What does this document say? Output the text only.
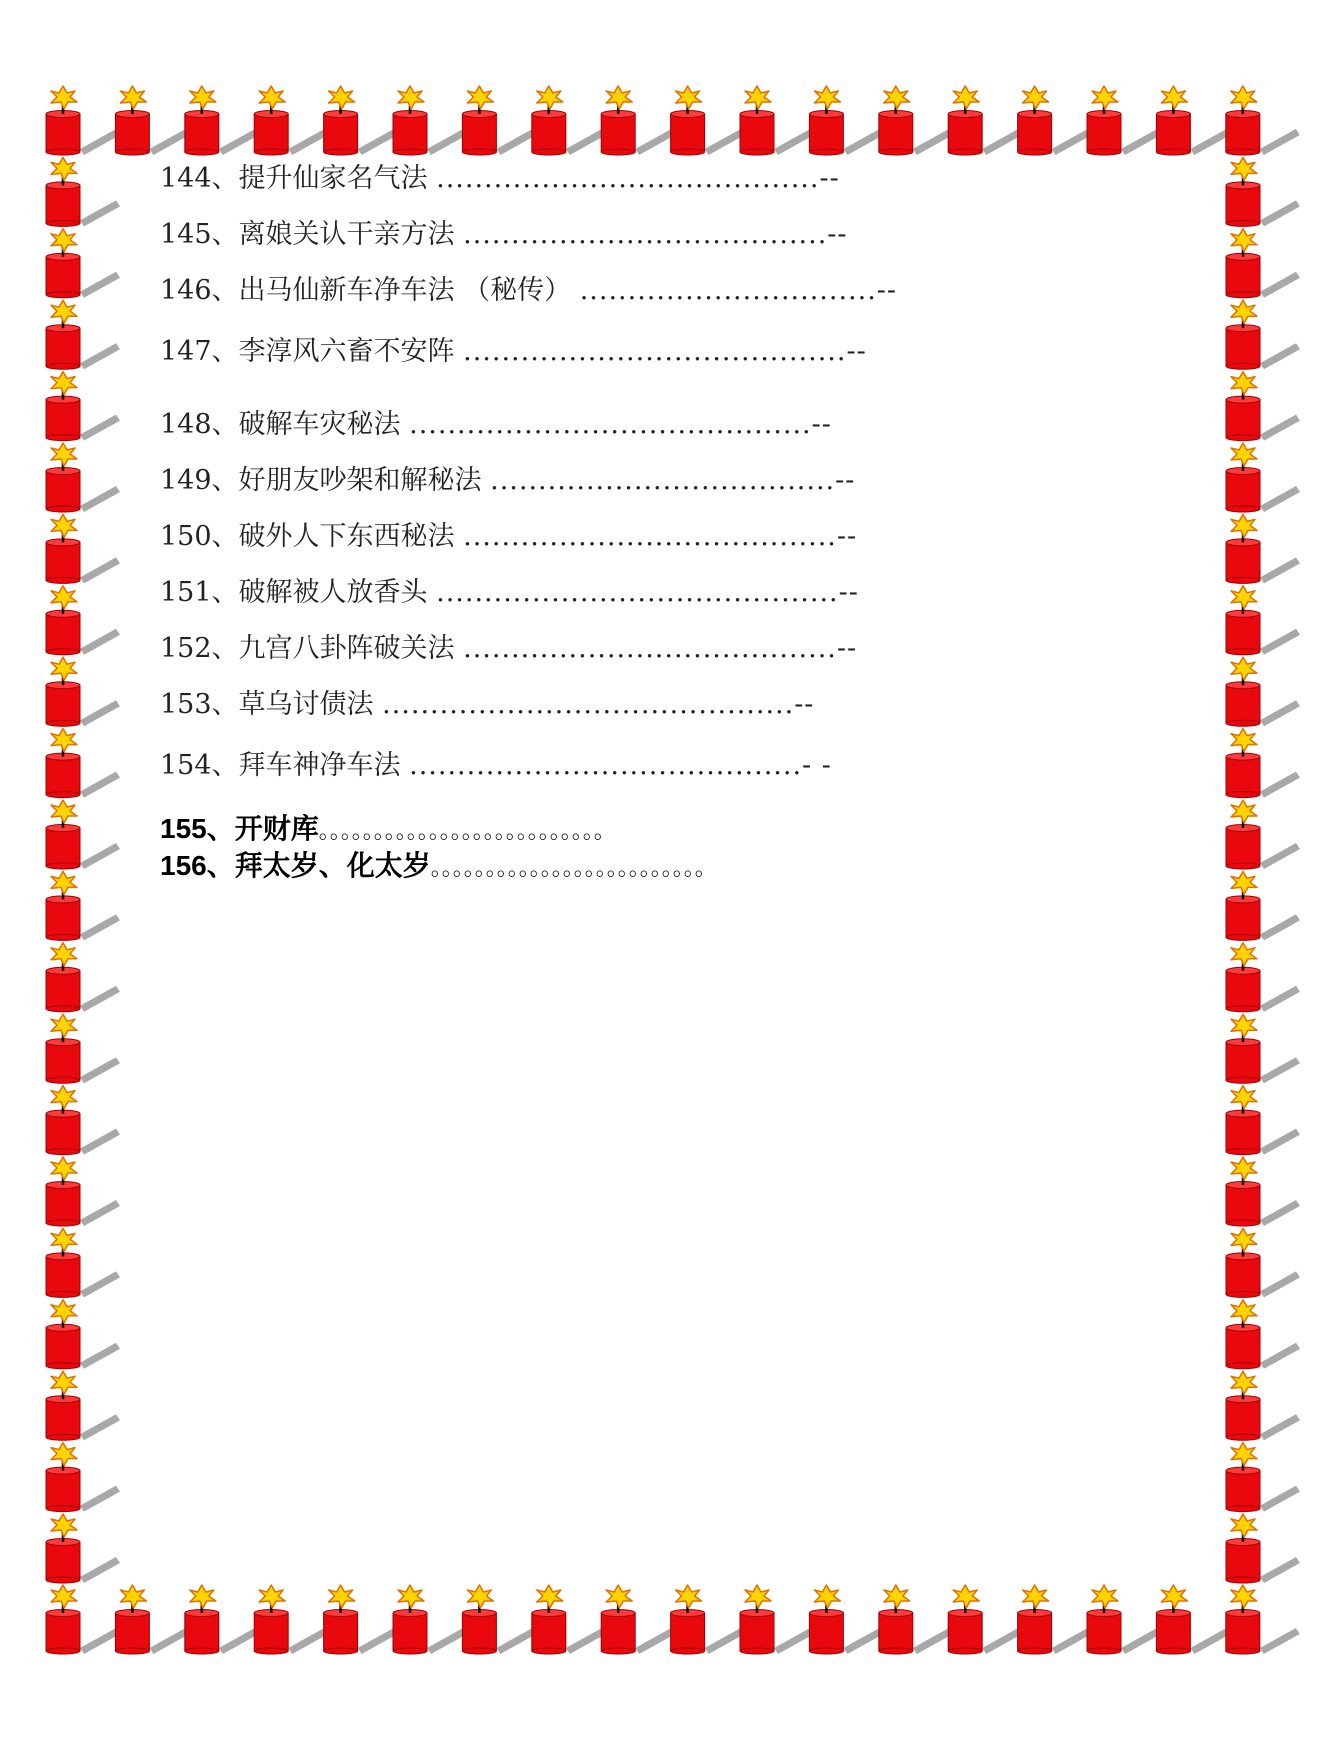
144、提升仙家名气法 ........................................--
145、离娘关认干亲方法 ......................................--
146、出马仙新车净车法 （秘传） ...............................--
147、李淳风六畜不安阵 ........................................--
148、破解车灾秘法 ..........................................--
149、好朋友吵架和解秘法 ....................................--
150、破外人下东西秘法 .......................................--
151、破解被人放香头 ..........................................--
152、九宫八卦阵破关法 .......................................--
153、草乌讨债法 ...........................................--
154、拜车神净车法 .........................................- -
155、开财库。。。。。。。。。。。。。。。。。。。。。。。。。。
156、拜太岁、化太岁。。。。。。。。。。。。。。。。。。。。。。。。。
